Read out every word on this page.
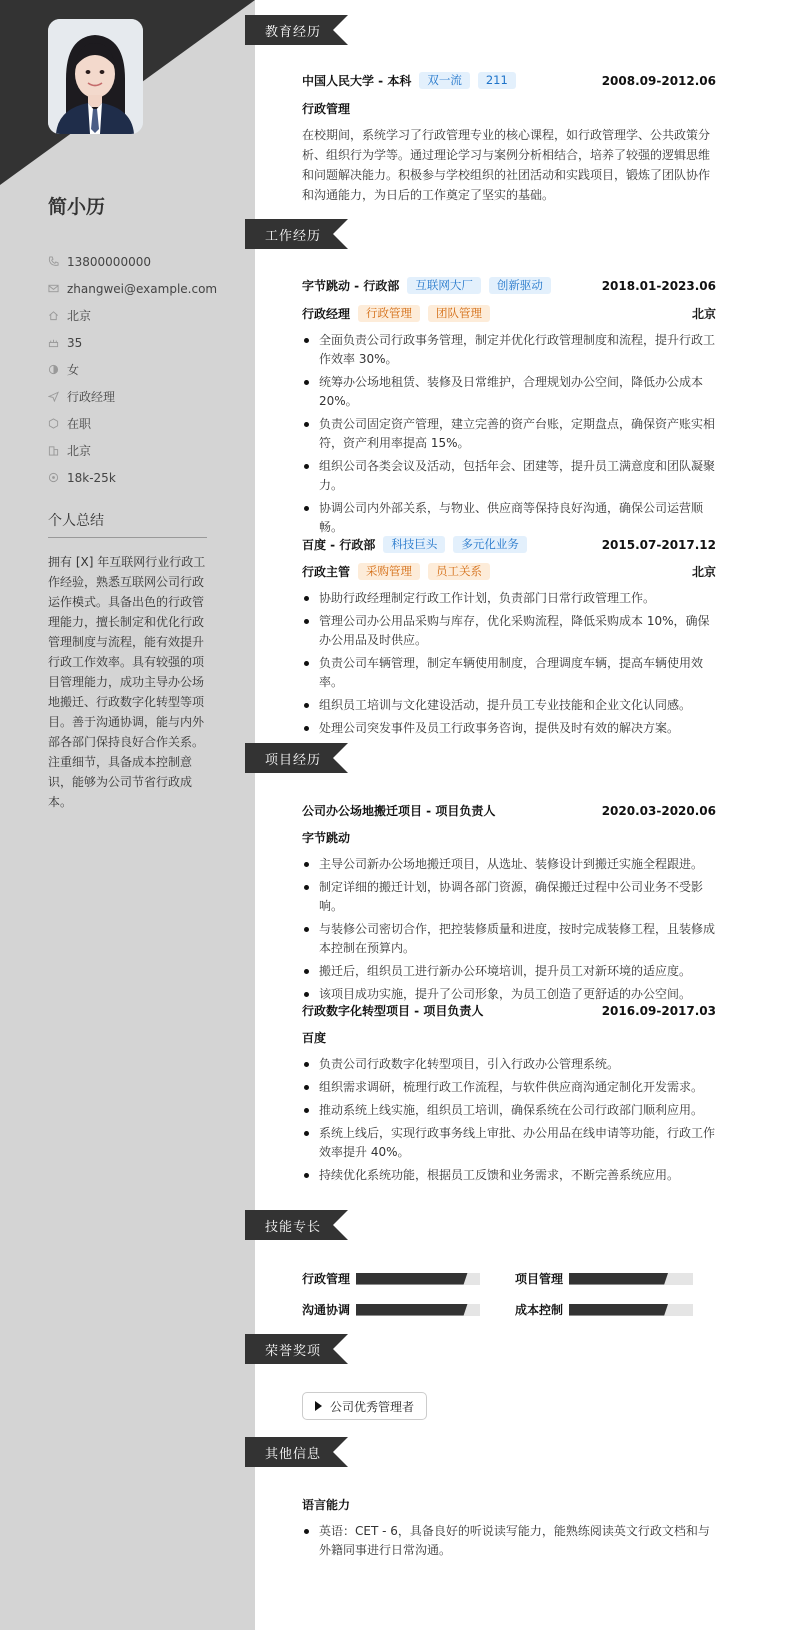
简小历
13800000000
zhangwei@example.com
北京
35
女
行政经理
在职
北京
18k-25k
个人总结
拥有 [X] 年互联网行业行政工作经验，熟悉互联网公司行政运作模式。具备出色的行政管理能力，擅长制定和优化行政管理制度与流程，能有效提升行政工作效率。具有较强的项目管理能力，成功主导办公场地搬迁、行政数字化转型等项目。善于沟通协调，能与内外部各部门保持良好合作关系。注重细节，具备成本控制意识，能够为公司节省行政成本。
教育经历
中国人民大学 - 本科	双一流	211	2008.09-2012.06
行政管理
在校期间，系统学习了行政管理专业的核心课程，如行政管理学、公共政策分析、组织行为学等。通过理论学习与案例分析相结合，培养了较强的逻辑思维和问题解决能力。积极参与学校组织的社团活动和实践项目，锻炼了团队协作和沟通能力，为日后的工作奠定了坚实的基础。
工作经历
字节跳动 - 行政部	互联网大厂	创新驱动	2018.01-2023.06
行政经理	行政管理	团队管理	北京
全面负责公司行政事务管理，制定并优化行政管理制度和流程，提升行政工作效率 30%。
统筹办公场地租赁、装修及日常维护，合理规划办公空间，降低办公成本 20%。
负责公司固定资产管理，建立完善的资产台账，定期盘点，确保资产账实相符，资产利用率提高 15%。
组织公司各类会议及活动，包括年会、团建等，提升员工满意度和团队凝聚力。
协调公司内外部关系，与物业、供应商等保持良好沟通，确保公司运营顺畅。
百度 - 行政部	科技巨头	多元化业务	2015.07-2017.12
行政主管	采购管理	员工关系	北京
协助行政经理制定行政工作计划，负责部门日常行政管理工作。
管理公司办公用品采购与库存，优化采购流程，降低采购成本 10%，确保办公用品及时供应。
负责公司车辆管理，制定车辆使用制度，合理调度车辆，提高车辆使用效率。
组织员工培训与文化建设活动，提升员工专业技能和企业文化认同感。
处理公司突发事件及员工行政事务咨询，提供及时有效的解决方案。
项目经历
公司办公场地搬迁项目 - 项目负责人	2020.03-2020.06
字节跳动
主导公司新办公场地搬迁项目，从选址、装修设计到搬迁实施全程跟进。
制定详细的搬迁计划，协调各部门资源，确保搬迁过程中公司业务不受影响。
与装修公司密切合作，把控装修质量和进度，按时完成装修工程，且装修成本控制在预算内。
搬迁后，组织员工进行新办公环境培训，提升员工对新环境的适应度。
该项目成功实施，提升了公司形象，为员工创造了更舒适的办公空间。
行政数字化转型项目 - 项目负责人	2016.09-2017.03
百度
负责公司行政数字化转型项目，引入行政办公管理系统。
组织需求调研，梳理行政工作流程，与软件供应商沟通定制化开发需求。
推动系统上线实施，组织员工培训，确保系统在公司行政部门顺利应用。
系统上线后，实现行政事务线上审批、办公用品在线申请等功能，行政工作效率提升 40%。
持续优化系统功能，根据员工反馈和业务需求，不断完善系统应用。
技能专长
行政管理	项目管理
沟通协调	成本控制
荣誉奖项
公司优秀管理者
其他信息
语言能力
英语：CET - 6，具备良好的听说读写能力，能熟练阅读英文行政文档和与外籍同事进行日常沟通。
